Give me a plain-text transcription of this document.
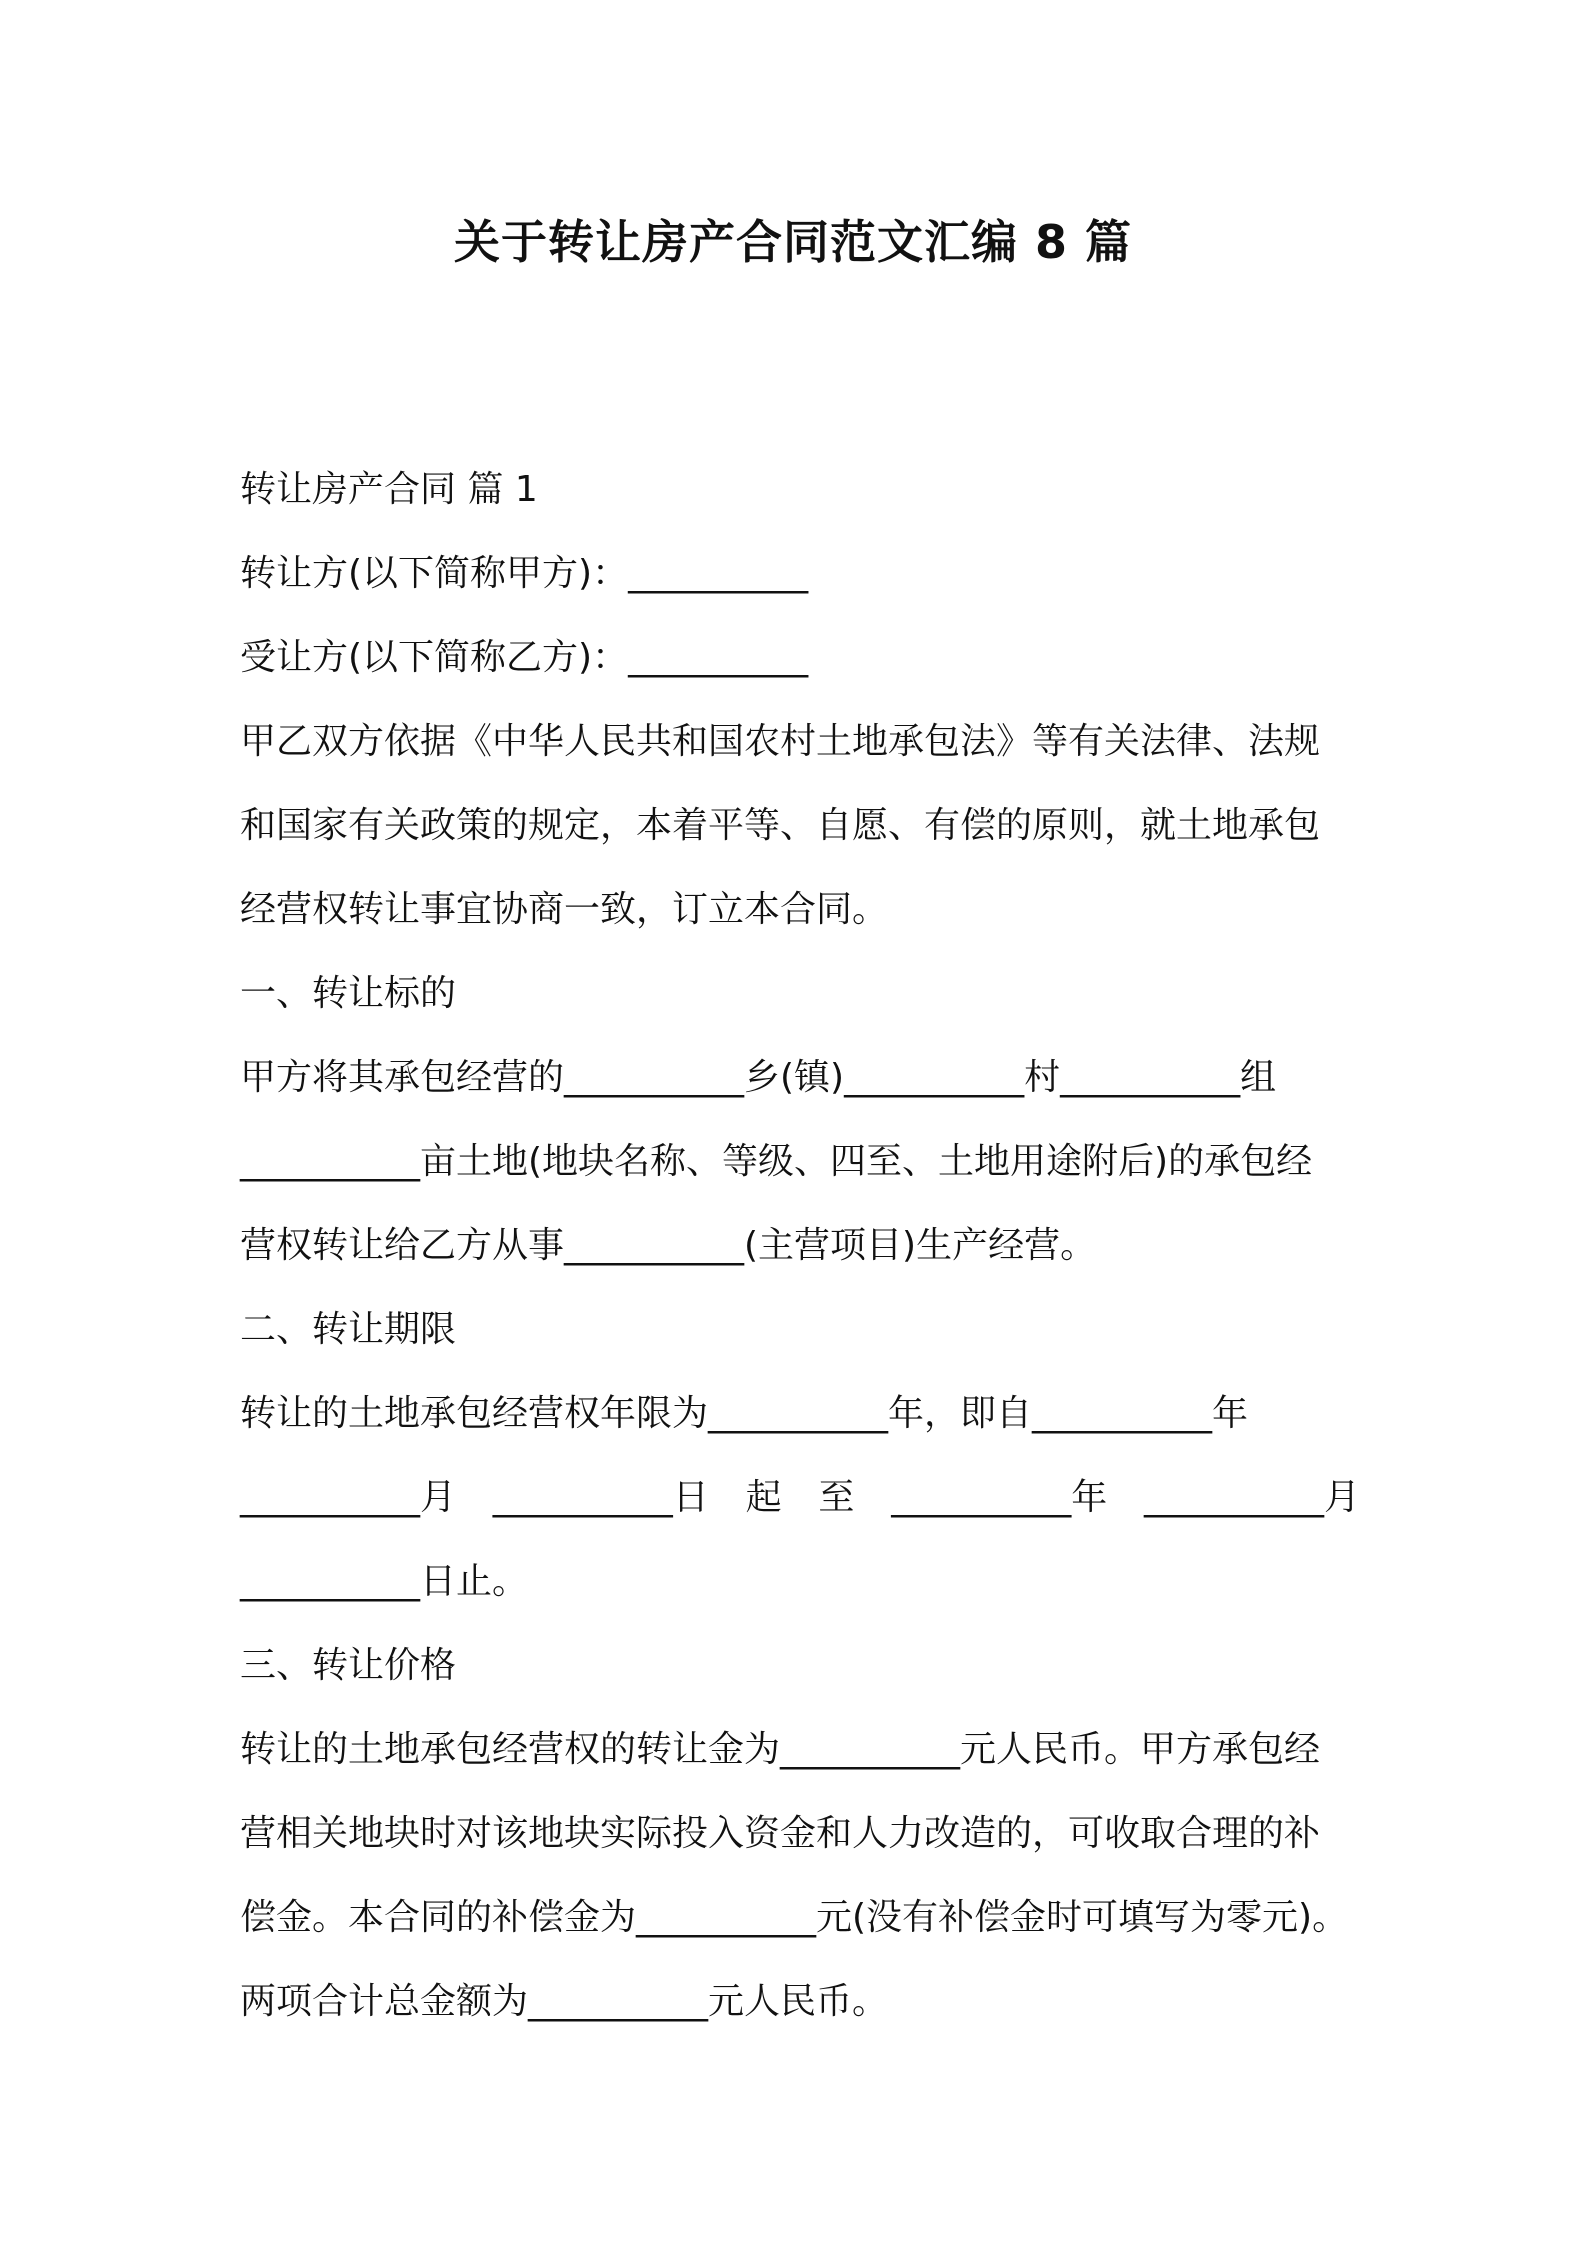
关于转让房产合同范文汇编 8 篇
转让房产合同 篇 1
转让方(以下简称甲方)：__________
受让方(以下简称乙方)：__________
甲乙双方依据《中华人民共和国农村土地承包法》等有关法律、法规
和国家有关政策的规定，本着平等、自愿、有偿的原则，就土地承包
经营权转让事宜协商一致，订立本合同。
一、转让标的
甲方将其承包经营的__________乡(镇)__________村__________组
__________亩土地(地块名称、等级、四至、土地用途附后)的承包经
营权转让给乙方从事__________(主营项目)生产经营。
二、转让期限
转让的土地承包经营权年限为__________年，即自__________年
__________月 __________日 起 至 __________年 __________月
__________日止。
三、转让价格
转让的土地承包经营权的转让金为__________元人民币。甲方承包经
营相关地块时对该地块实际投入资金和人力改造的，可收取合理的补
偿金。本合同的补偿金为__________元(没有补偿金时可填写为零元)。
两项合计总金额为__________元人民币。
